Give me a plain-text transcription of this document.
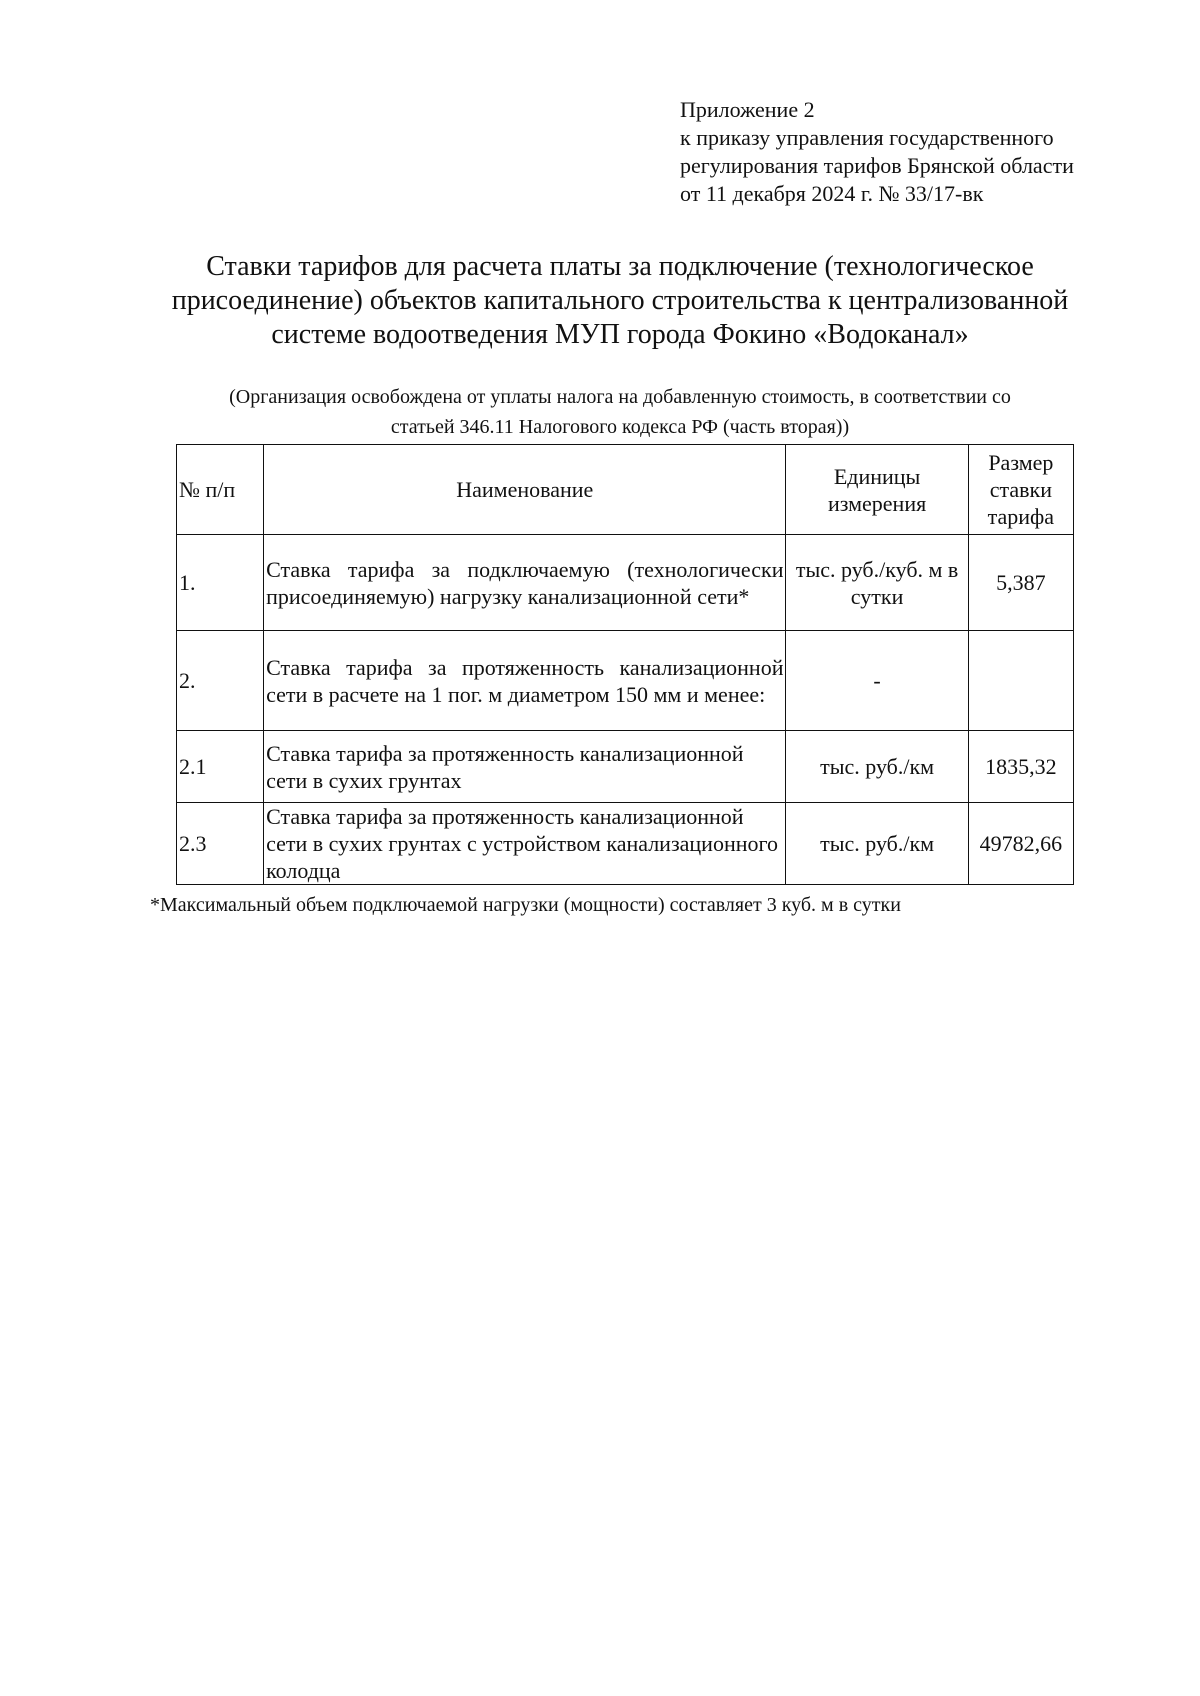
Приложение 2
к приказу управления государственного
регулирования тарифов Брянской области
от 11 декабря 2024 г. № 33/17-вк
Ставки тарифов для расчета платы за подключение (технологическое
присоединение) объектов капитального строительства к централизованной
системе водоотведения МУП города Фокино «Водоканал»
(Организация освобождена от уплаты налога на добавленную стоимость, в соответствии со
статьей 346.11 Налогового кодекса РФ (часть вторая))
№ п/п	Наименование	Единицы измерения	Размер ставки тарифа
1.	Ставка тарифа за подключаемую (технологически присоединяемую) нагрузку канализационной сети*	тыс. руб./куб. м в сутки	5,387
2.	Ставка тарифа за протяженность канализационной сети в расчете на 1 пог. м диаметром 150 мм и менее:	-	
2.1	Ставка тарифа за протяженность канализационной сети в сухих грунтах	тыс. руб./км	1835,32
2.3	Ставка тарифа за протяженность канализационной сети в сухих грунтах с устройством канализационного колодца	тыс. руб./км	49782,66
*Максимальный объем подключаемой нагрузки (мощности) составляет 3 куб. м в сутки
